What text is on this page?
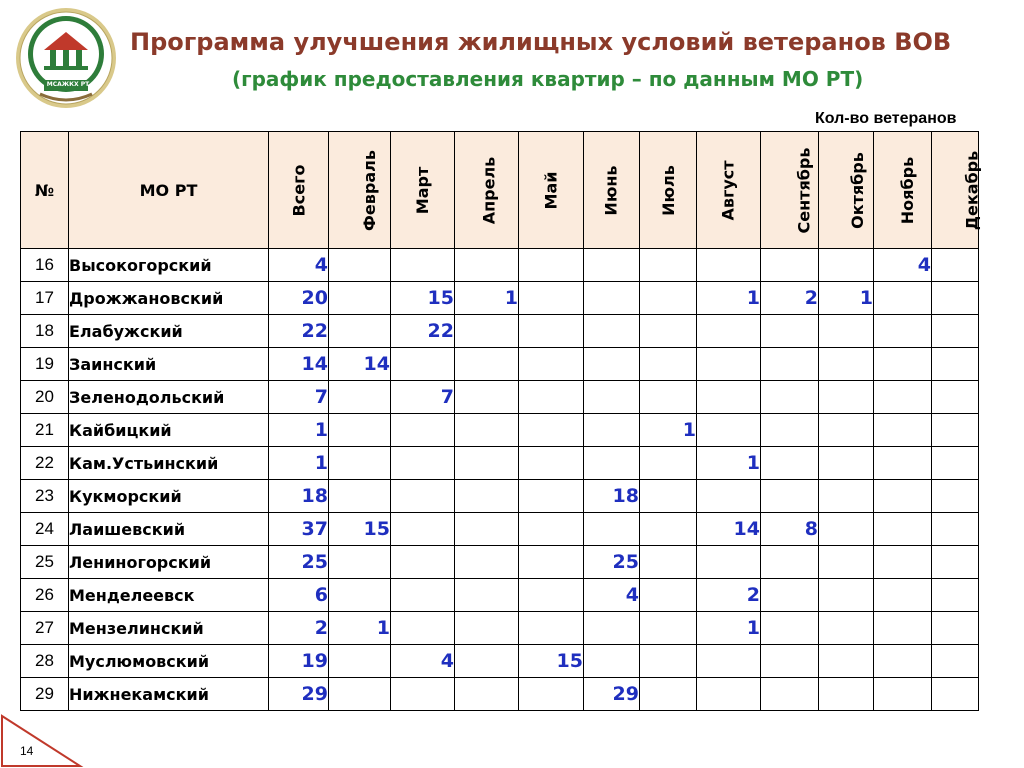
МСАЖКХ РТ
Программа улучшения жилищных условий ветеранов ВОВ
(график предоставления квартир – по данным МО РТ)
Кол-во ветеранов
№	МО РТ	Всего	Февраль	Март	Апрель	Май	Июнь	Июль	Август	Сентябрь	Октябрь	Ноябрь	Декабрь
16	Высокогорский	4										4	
17	Дрожжановский	20		15	1				1	2	1		
18	Елабужский	22		22									
19	Заинский	14	14										
20	Зеленодольский	7		7									
21	Кайбицкий	1						1					
22	Кам.Устьинский	1							1				
23	Кукморский	18					18						
24	Лаишевский	37	15						14	8			
25	Лениногорский	25					25						
26	Менделеевск	6					4		2				
27	Мензелинский	2	1						1				
28	Муслюмовский	19		4		15							
29	Нижнекамский	29					29						
14
